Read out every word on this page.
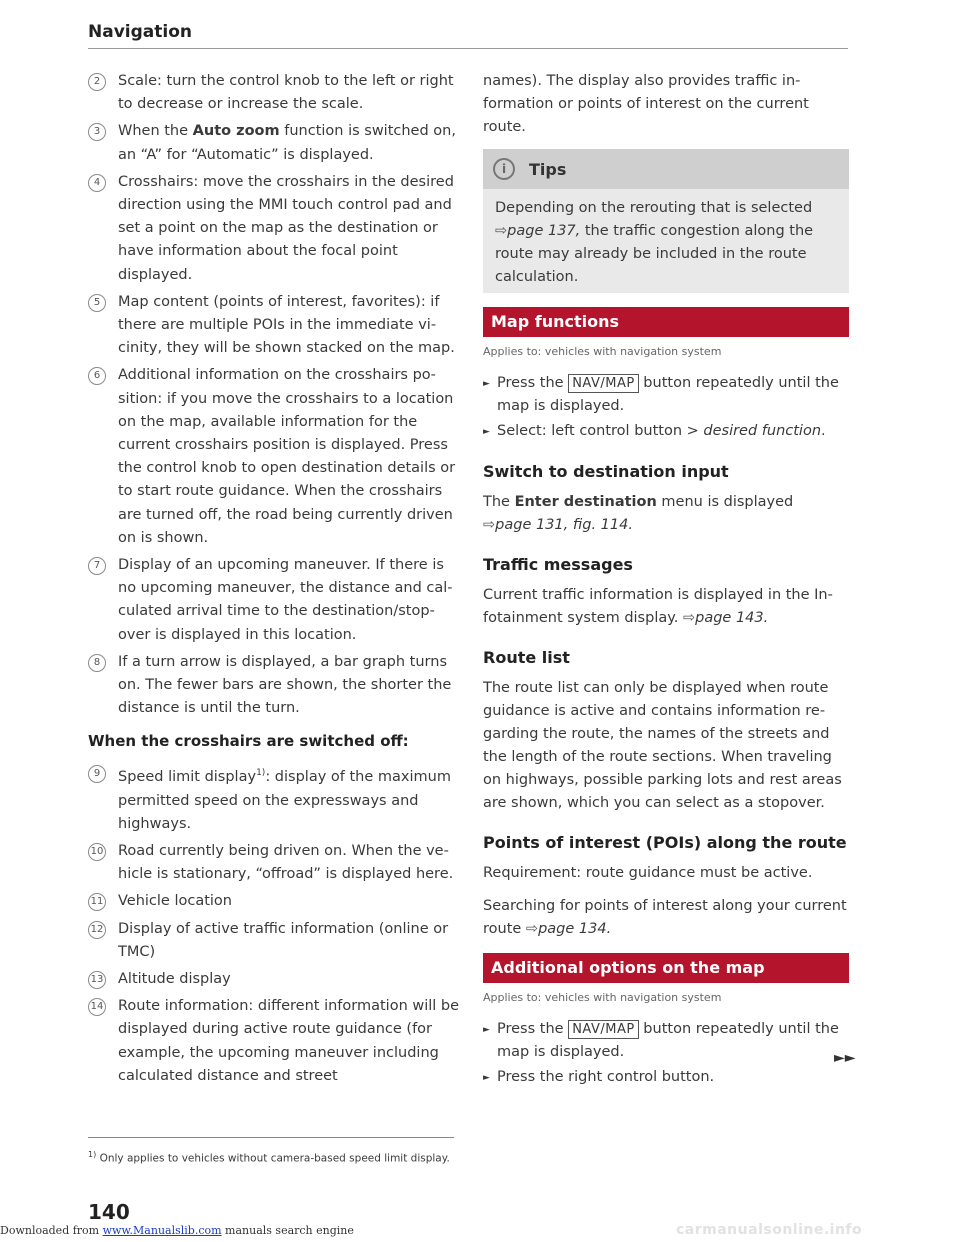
Navigation
2	Scale: turn the control knob to the left or right to decrease or increase the scale.
3	When the Auto zoom function is switched on, an “A” for “Automatic” is displayed.
4	Crosshairs: move the crosshairs in the desired direction using the MMI touch control pad and set a point on the map as the destination or have information about the focal point displayed.
5	Map content (points of interest, favorites): if there are multiple POIs in the immediate vicinity, they will be shown stacked on the map.
6	Additional information on the crosshairs position: if you move the crosshairs to a location on the map, available information for the current crosshairs position is displayed. Press the control knob to open destination details or to start route guidance. When the crosshairs are turned off, the road being currently driven on is shown.
7	Display of an upcoming maneuver. If there is no upcoming maneuver, the distance and calculated arrival time to the destination/stopover is displayed in this location.
8	If a turn arrow is displayed, a bar graph turns on. The fewer bars are shown, the shorter the distance is until the turn.
When the crosshairs are switched off:
9	Speed limit display$^{1)}$: display of the maximum permitted speed on the expressways and highways.
10 Road currently being driven on. When the vehicle is stationary, “offroad” is displayed here.
11 Vehicle location
12 Display of active traffic information (online or TMC)
13 Altitude display
14 Route information: different information will be displayed during active route guidance (for example, the upcoming maneuver including calculated distance and street
names). The display also provides traffic information or points of interest on the current route.
i	Tips
Depending on the rerouting that is selected ⇨page 137, the traffic congestion along the route may already be included in the route calculation.
Map functions
Applies to: vehicles with navigation system
► Press the NAV/MAP button repeatedly until the map is displayed.
► Select: left control button > desired function.
Switch to destination input
The Enter destination menu is displayed
⇨page 131, fig. 114.
Traffic messages
Current traffic information is displayed in the Infotainment system display. ⇨page 143.
Route list
The route list can only be displayed when route guidance is active and contains information regarding the route, the names of the streets and the length of the route sections. When traveling on highways, possible parking lots and rest areas are shown, which you can select as a stopover.
Points of interest (POIs) along the route
Requirement: route guidance must be active.
Searching for points of interest along your current route ⇨page 134.
Additional options on the map
Applies to: vehicles with navigation system
► Press the NAV/MAP button repeatedly until the map is displayed.
► Press the right control button.
►►
$^{1)}$ Only applies to vehicles without camera-based speed limit display.
140
Downloaded from www.Manualslib.com manuals search engine	carmanualsonline.info
